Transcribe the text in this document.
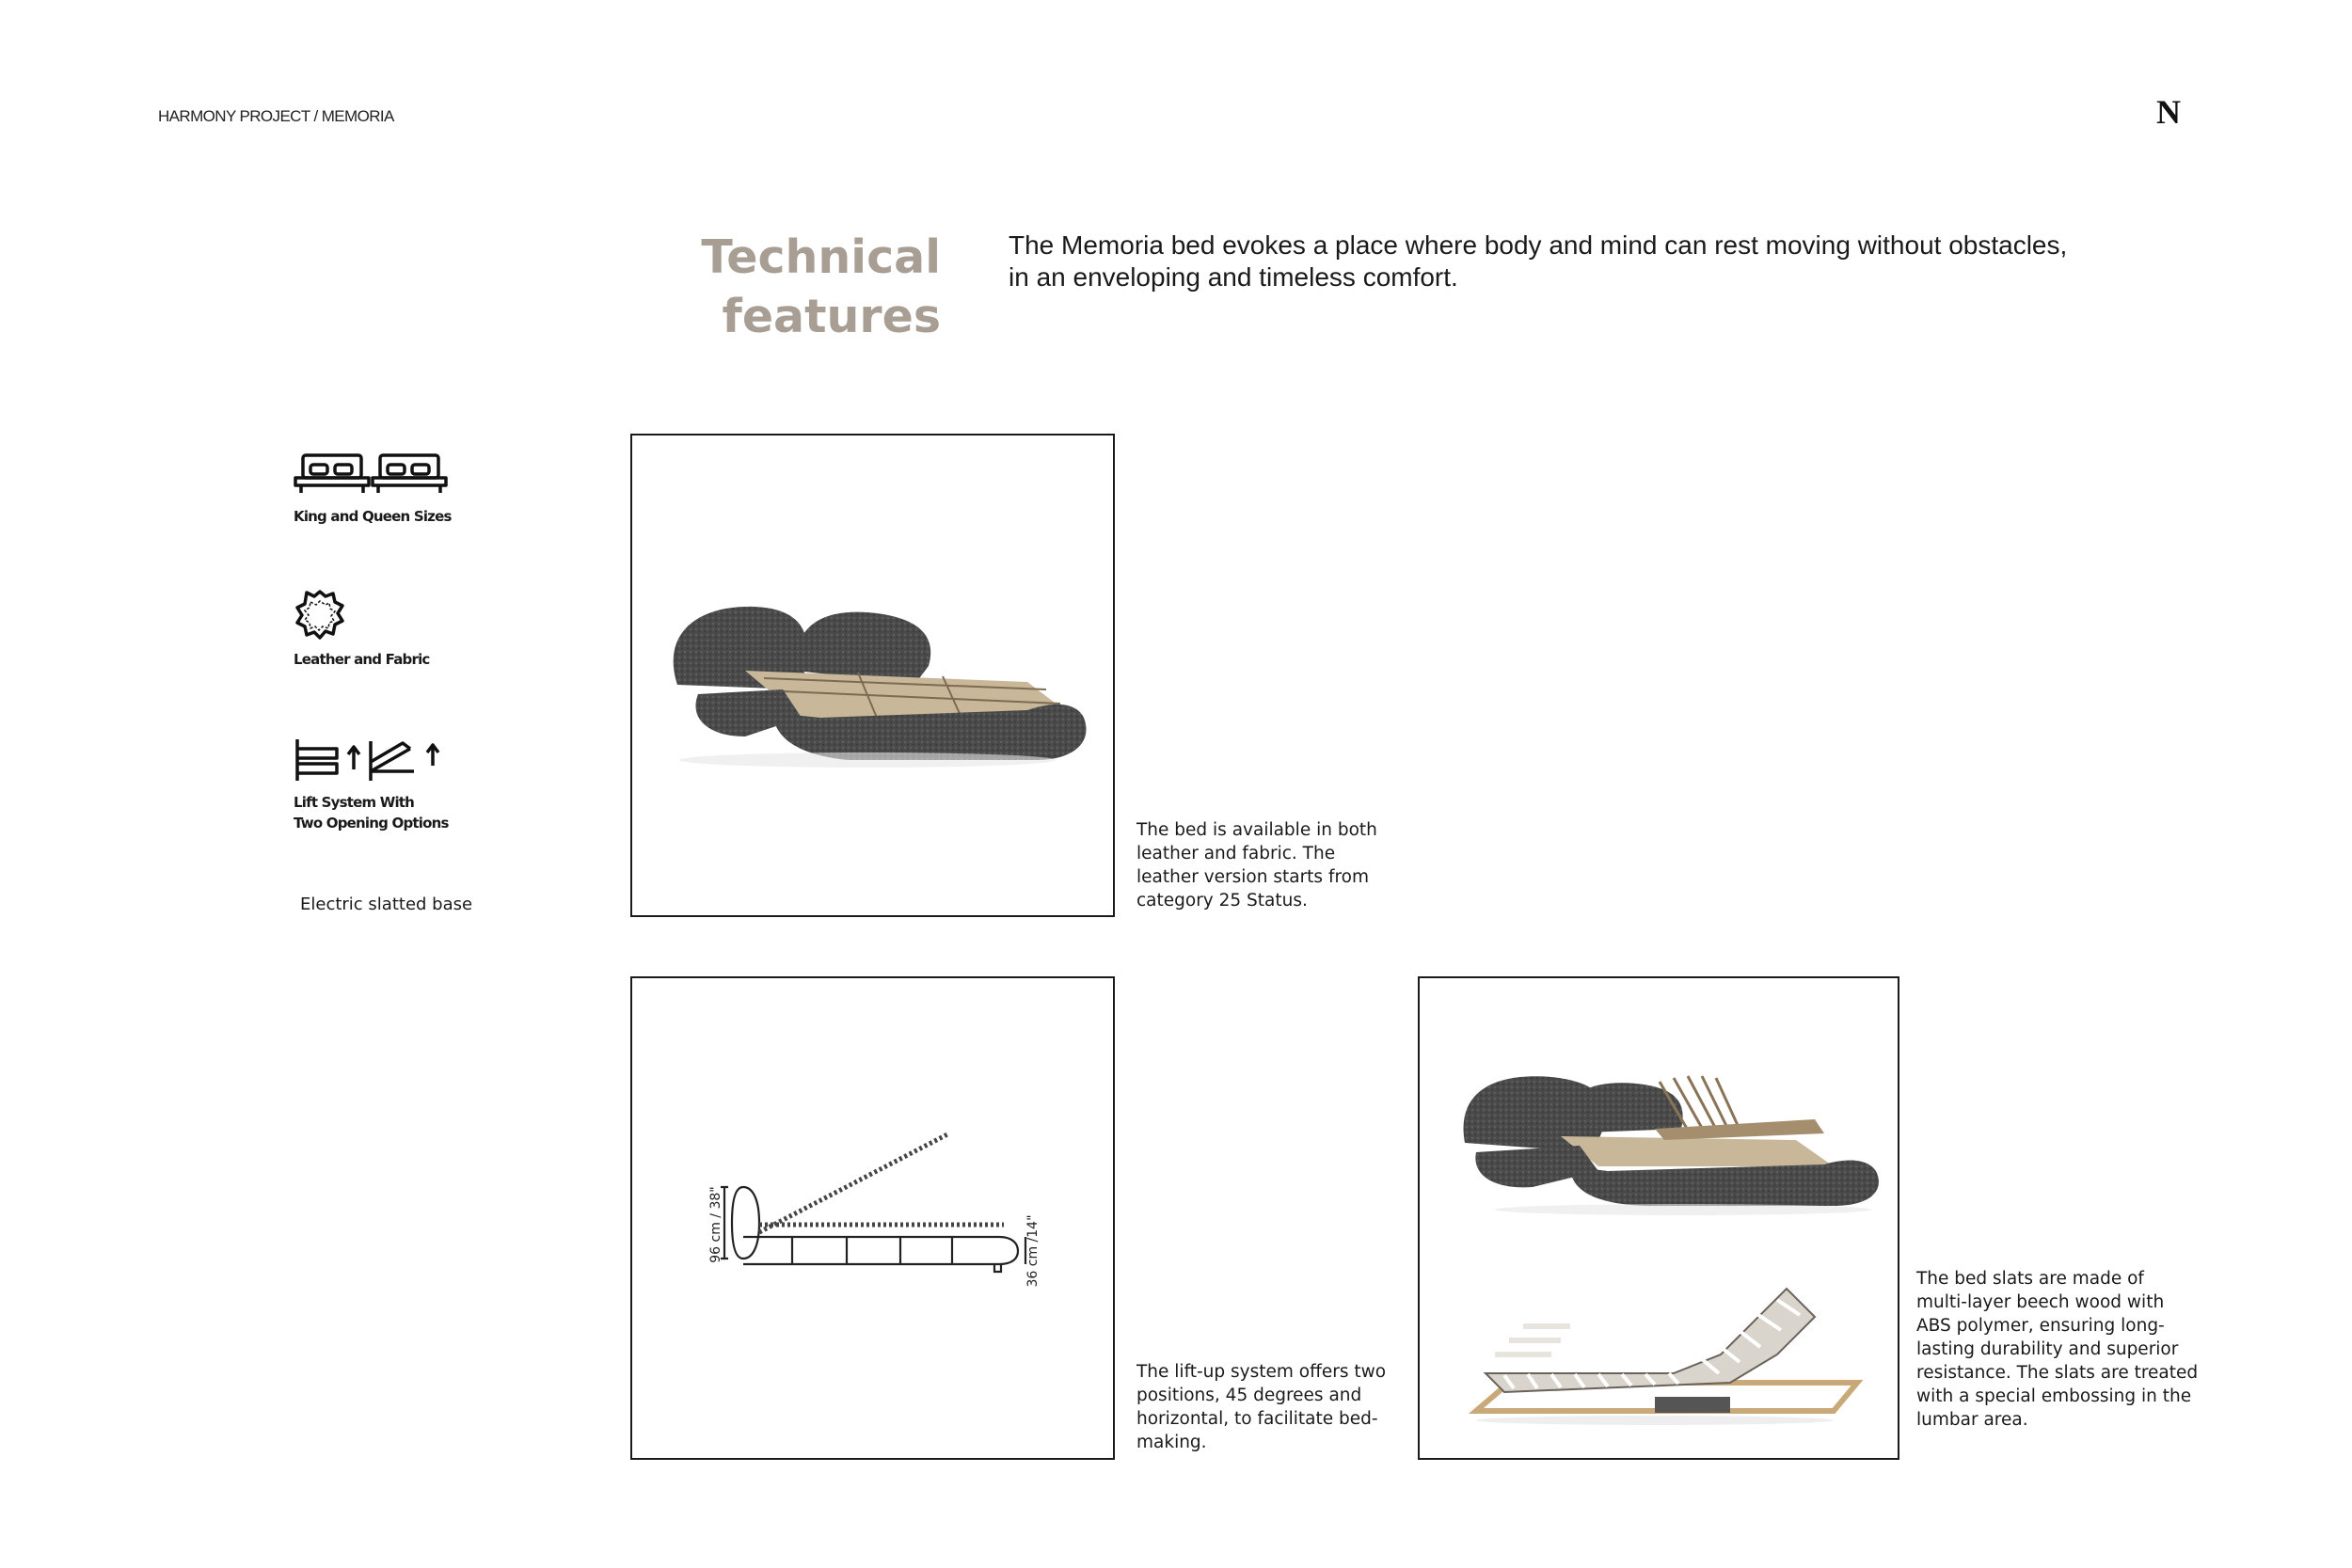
HARMONY PROJECT / MEMORIA	N
Technical
features
The Memoria bed evokes a place where body and mind can rest moving without obstacles,
in an enveloping and timeless comfort.
King and Queen Sizes
Leather and Fabric
Lift System With
Two Opening Options
Electric slatted base
The bed is available in both
leather and fabric. The
leather version starts from
category 25 Status.
96 cm / 38"	36 cm /14"
The lift-up system offers two
positions, 45 degrees and
horizontal, to facilitate bed-
making.
The bed slats are made of
multi-layer beech wood with
ABS polymer, ensuring long-
lasting durability and superior
resistance. The slats are treated
with a special embossing in the
lumbar area.
